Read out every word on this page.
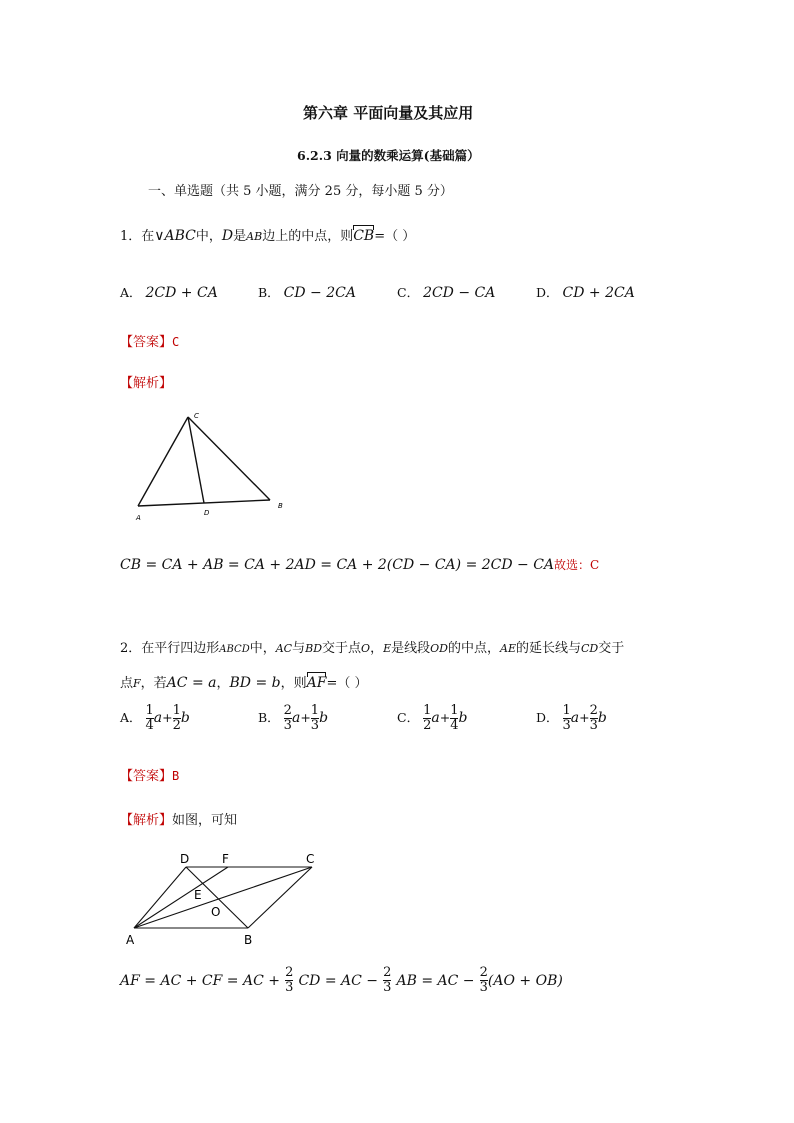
第六章 平面向量及其应用
6.2.3 向量的数乘运算(基础篇）
一、单选题（共 5 小题，满分 25 分，每小题 5 分）
1．在∨ABC中，D是AB边上的中点，则CB=（ ）
A． 2CD + CA	B． CD − 2CA	C． 2CD − CA	D． CD + 2CA
【答案】C
【解析】
C
A
D
B
CB = CA + AB = CA + 2AD = CA + 2(CD − CA) = 2CD − CA故选：C
2．在平行四边形ABCD中，AC与BD交于点O，E是线段OD的中点，AE的延长线与CD交于
点F，若AC = a，BD = b，则AF=（ ）
A． $\frac{1}{4} a+ \frac{1}{2}$ b	B． $\frac{2}{3} a+ \frac{1}{3}$ b	C． $\frac{1}{2} a+ \frac{1}{4}$ b	D． $\frac{1}{3} a+ \frac{2}{3}$ b
【答案】B
【解析】如图，可知
D	F	C
E
O
A	B
AF = AC + CF = AC + $\frac{2}{3}$ CD = AC − $\frac{2}{3}$ AB = AC − $\frac{2}{3} (AO + OB)$
